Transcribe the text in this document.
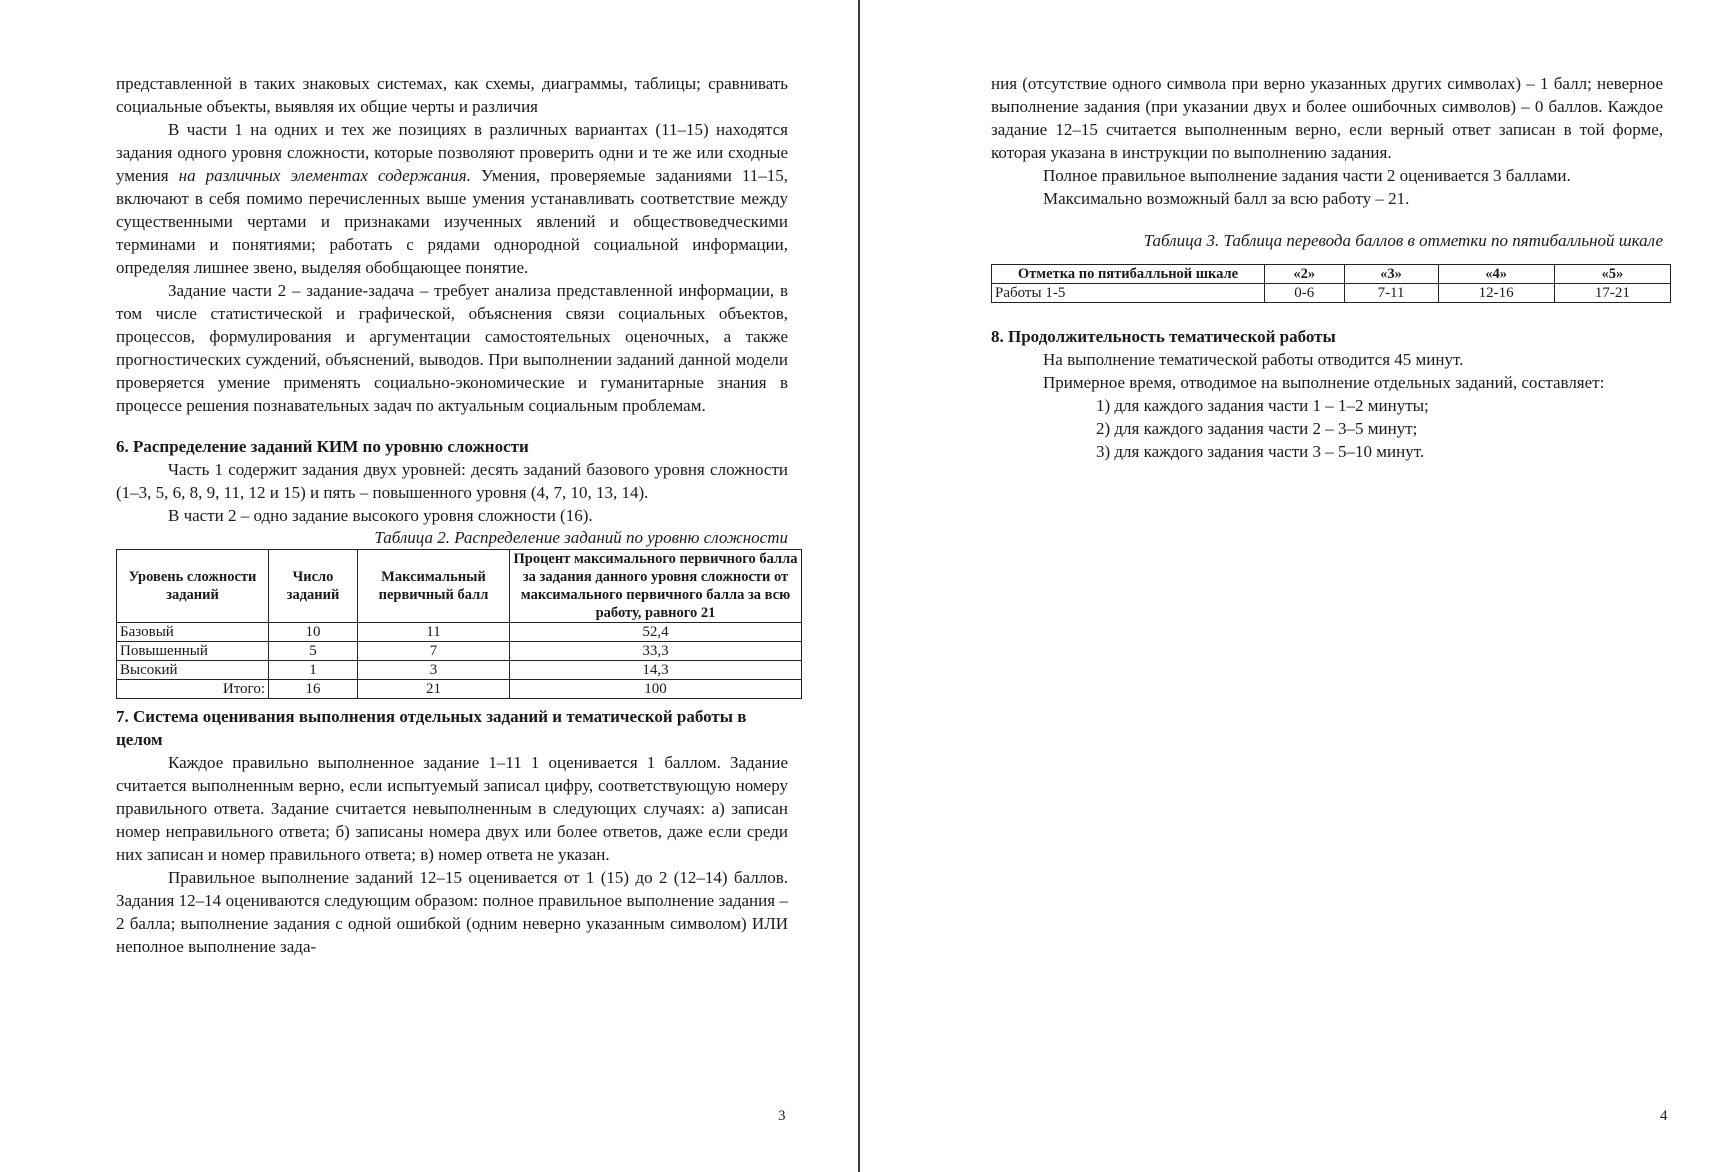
представленной в таких знаковых системах, как схемы, диаграммы, таблицы; сравнивать социальные объекты, выявляя их общие черты и различия

В части 1 на одних и тех же позициях в различных вариантах (11–15) находятся задания одного уровня сложности, которые позволяют проверить одни и те же или сходные умения на различных элементах содержания. Умения, проверяемые заданиями 11–15, включают в себя помимо перечисленных выше умения устанавливать соответствие между существенными чертами и признаками изученных явлений и обществоведческими терминами и понятиями; работать с рядами однородной социальной информации, определяя лишнее звено, выделяя обобщающее понятие.

Задание части 2 – задание-задача – требует анализа представленной информации, в том числе статистической и графической, объяснения связи социальных объектов, процессов, формулирования и аргументации самостоятельных оценочных, а также прогностических суждений, объяснений, выводов. При выполнении заданий данной модели проверяется умение применять социально-экономические и гуманитарные знания в процессе решения познавательных задач по актуальным социальным проблемам.

6. Распределение заданий КИМ по уровню сложности

Часть 1 содержит задания двух уровней: десять заданий базового уровня сложности (1–3, 5, 6, 8, 9, 11, 12 и 15) и пять – повышенного уровня (4, 7, 10, 13, 14).

В части 2 – одно задание высокого уровня сложности (16).

Таблица 2. Распределение заданий по уровню сложности
Уровень сложности заданий	Число заданий	Максимальный первичный балл	Процент максимального первичного балла за задания данного уровня сложности от максимального первичного балла за всю работу, равного 21
Базовый	10	11	52,4
Повышенный	5	7	33,3
Высокий	1	3	14,3
Итого:	16	21	100
7. Система оценивания выполнения отдельных заданий и тематической работы в целом

Каждое правильно выполненное задание 1–11 1 оценивается 1 баллом. Задание считается выполненным верно, если испытуемый записал цифру, соответствующую номеру правильного ответа. Задание считается невыполненным в следующих случаях: а) записан номер неправильного ответа; б) записаны номера двух или более ответов, даже если среди них записан и номер правильного ответа; в) номер ответа не указан.

Правильное выполнение заданий 12–15 оценивается от 1 (15) до 2 (12–14) баллов. Задания 12–14 оцениваются следующим образом: полное правильное выполнение задания – 2 балла; выполнение задания с одной ошибкой (одним неверно указанным символом) ИЛИ неполное выполнение зада-

3

ния (отсутствие одного символа при верно указанных других символах) – 1 балл; неверное выполнение задания (при указании двух и более ошибочных символов) – 0 баллов. Каждое задание 12–15 считается выполненным верно, если верный ответ записан в той форме, которая указана в инструкции по выполнению задания.

Полное правильное выполнение задания части 2 оценивается 3 баллами.

Максимально возможный балл за всю работу – 21.

Таблица 3. Таблица перевода баллов в отметки по пятибалльной шкале
Отметка по пятибалльной шкале	«2»	«3»	«4»	«5»
Работы 1-5	0-6	7-11	12-16	17-21
8. Продолжительность тематической работы

На выполнение тематической работы отводится 45 минут.

Примерное время, отводимое на выполнение отдельных заданий, составляет:

1) для каждого задания части 1 – 1–2 минуты;
2) для каждого задания части 2 – 3–5 минут;
3) для каждого задания части 3 – 5–10 минут.
4
